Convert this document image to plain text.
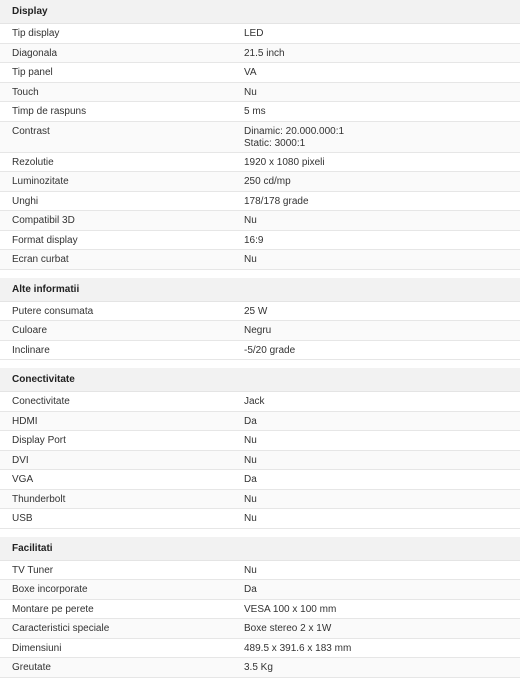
Display
Tip display	LED
Diagonala	21.5 inch
Tip panel	VA
Touch	Nu
Timp de raspuns	5 ms
Contrast	Dinamic: 20.000.000:1
Static: 3000:1
Rezolutie	1920 x 1080 pixeli
Luminozitate	250 cd/mp
Unghi	178/178 grade
Compatibil 3D	Nu
Format display	16:9
Ecran curbat	Nu
Alte informatii
Putere consumata	25 W
Culoare	Negru
Inclinare	-5/20 grade
Conectivitate
Conectivitate	Jack
HDMI	Da
Display Port	Nu
DVI	Nu
VGA	Da
Thunderbolt	Nu
USB	Nu
Facilitati
TV Tuner	Nu
Boxe incorporate	Da
Montare pe perete	VESA 100 x 100 mm
Caracteristici speciale	Boxe stereo 2 x 1W
Dimensiuni	489.5 x 391.6 x 183 mm
Greutate	3.5 Kg
